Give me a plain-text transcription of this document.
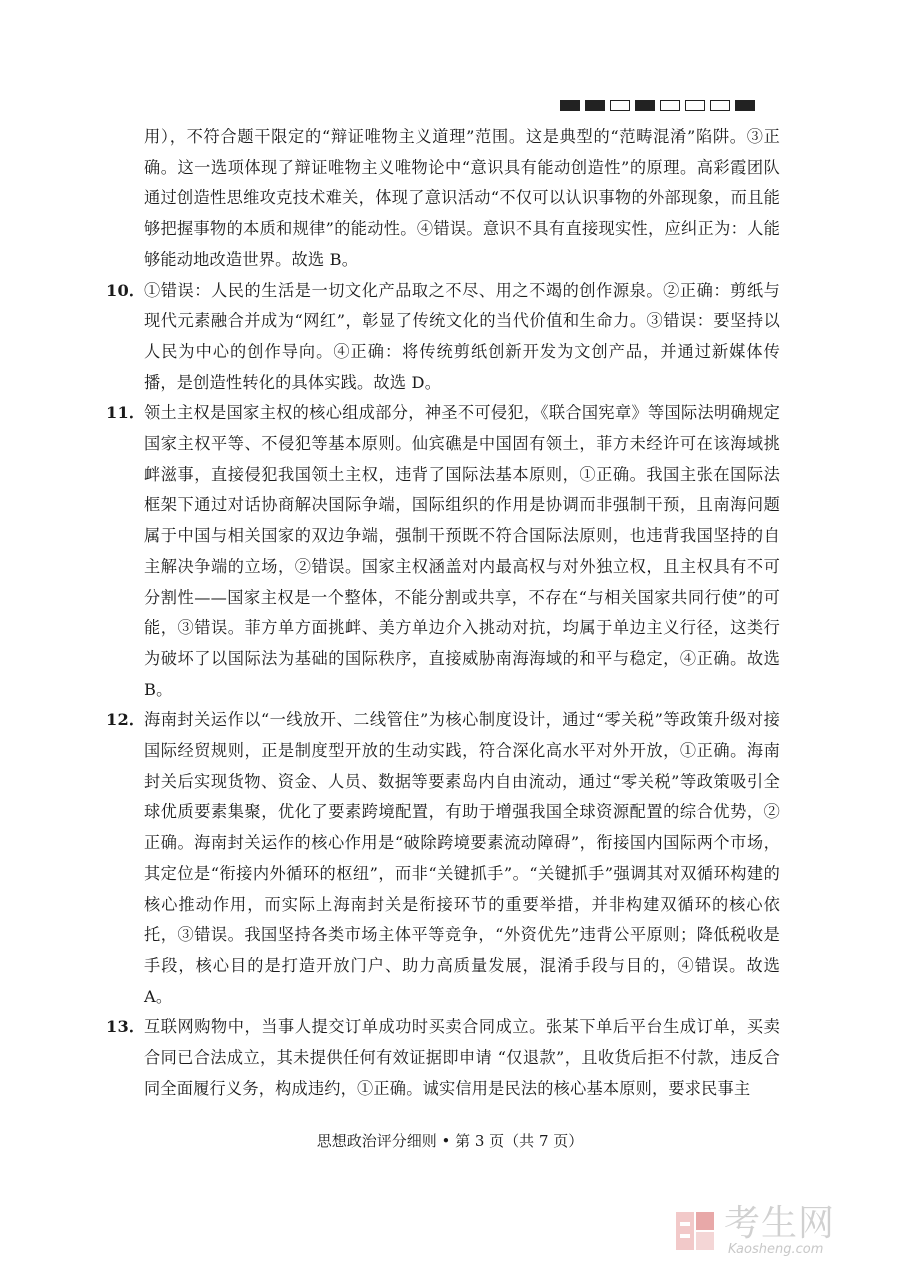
用），不符合题干限定的“辩证唯物主义道理”范围。这是典型的“范畴混淆”陷阱。③正确。这一选项体现了辩证唯物主义唯物论中“意识具有能动创造性”的原理。高彩霞团队通过创造性思维攻克技术难关，体现了意识活动“不仅可以认识事物的外部现象，而且能够把握事物的本质和规律”的能动性。④错误。意识不具有直接现实性，应纠正为：人能够能动地改造世界。故选 B。

10．

①错误：人民的生活是一切文化产品取之不尽、用之不竭的创作源泉。②正确：剪纸与现代元素融合并成为“网红”，彰显了传统文化的当代价值和生命力。③错误：要坚持以人民为中心的创作导向。④正确：将传统剪纸创新开发为文创产品，并通过新媒体传播，是创造性转化的具体实践。故选 D。

11．

领土主权是国家主权的核心组成部分，神圣不可侵犯，《联合国宪章》等国际法明确规定国家主权平等、不侵犯等基本原则。仙宾礁是中国固有领土，菲方未经许可在该海域挑衅滋事，直接侵犯我国领土主权，违背了国际法基本原则，①正确。我国主张在国际法框架下通过对话协商解决国际争端，国际组织的作用是协调而非强制干预，且南海问题属于中国与相关国家的双边争端，强制干预既不符合国际法原则，也违背我国坚持的自主解决争端的立场，②错误。国家主权涵盖对内最高权与对外独立权，且主权具有不可分割性——国家主权是一个整体，不能分割或共享，不存在“与相关国家共同行使”的可能，③错误。菲方单方面挑衅、美方单边介入挑动对抗，均属于单边主义行径，这类行为破坏了以国际法为基础的国际秩序，直接威胁南海海域的和平与稳定，④正确。故选 B。

12．

海南封关运作以“一线放开、二线管住”为核心制度设计，通过“零关税”等政策升级对接国际经贸规则，正是制度型开放的生动实践，符合深化高水平对外开放，①正确。海南封关后实现货物、资金、人员、数据等要素岛内自由流动，通过“零关税”等政策吸引全球优质要素集聚，优化了要素跨境配置，有助于增强我国全球资源配置的综合优势，②正确。海南封关运作的核心作用是“破除跨境要素流动障碍”，衔接国内国际两个市场，其定位是“衔接内外循环的枢纽”，而非“关键抓手”。“关键抓手”强调其对双循环构建的核心推动作用，而实际上海南封关是衔接环节的重要举措，并非构建双循环的核心依托，③错误。我国坚持各类市场主体平等竞争，“外资优先”违背公平原则；降低税收是手段，核心目的是打造开放门户、助力高质量发展，混淆手段与目的，④错误。故选 A。

13．

互联网购物中，当事人提交订单成功时买卖合同成立。张某下单后平台生成订单，买卖合同已合法成立，其未提供任何有效证据即申请 “仅退款”，且收货后拒不付款，违反合同全面履行义务，构成违约，①正确。诚实信用是民法的核心基本原则，要求民事主

思想政治评分细则 • 第 3 页（共 7 页）
考生网
Kaosheng.com
